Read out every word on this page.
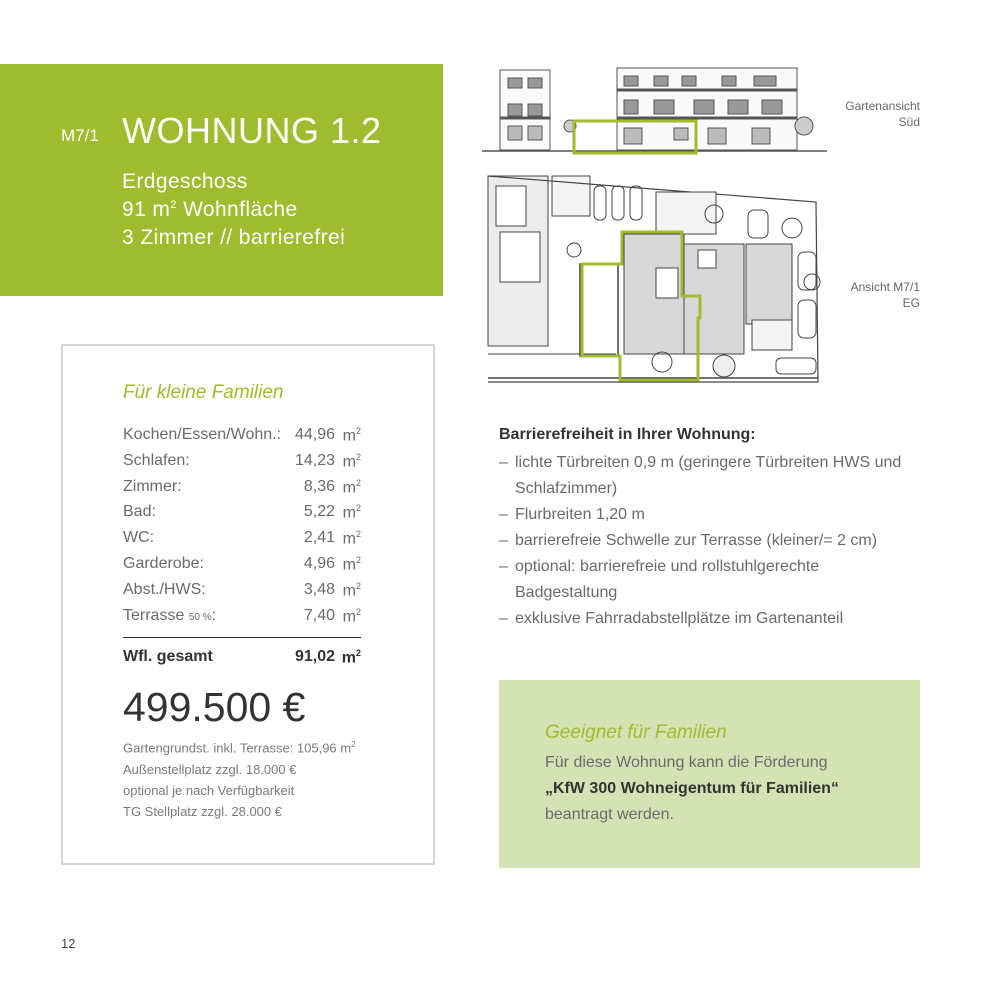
M7/1 WOHNUNG 1.2
Erdgeschoss
91 $m^2$ Wohnfläche
3 Zimmer // barrierefrei
Gartenansicht
Süd
Ansicht M7/1
EG
Für kleine Familien
Kochen/Essen/Wohn.: 44,96 $m^2$
Schlafen:	14,23 $m^2$
Zimmer:	8,36 $m^2$
Bad:	5,22 $m^2$
WC:	2,41 $m^2$
Garderobe:	4,96 $m^2$
Abst./HWS:	3,48 $m^2$
Terrasse 50 %:	7,40 $m^2$
Wfl. gesamt	91,02 $m^2$
499.500 €
Gartengrundst. inkl. Terrasse: 105,96 $m^2$
Außenstellplatz zzgl. 18.000 €
optional je nach Verfügbarkeit
TG Stellplatz zzgl. 28.000 €
Barrierefreiheit in Ihrer Wohnung:
– lichte Türbreiten 0,9 m (geringere Türbreiten HWS und Schlafzimmer)
– Flurbreiten 1,20 m
– barrierefreie Schwelle zur Terrasse (kleiner/= 2 cm)
– optional: barrierefreie und rollstuhlgerechte Badgestaltung
– exklusive Fahrradabstellplätze im Gartenanteil
Geeignet für Familien
Für diese Wohnung kann die Förderung
„KfW 300 Wohneigentum für Familien“
beantragt werden.
12
